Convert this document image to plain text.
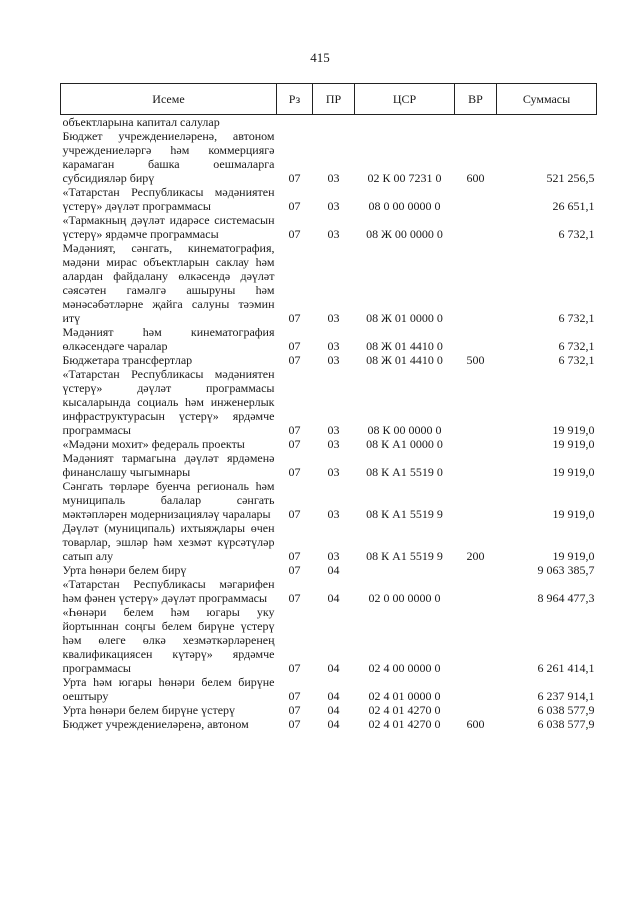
415
Исеме	Рз	ПР	ЦСР	ВР	Суммасы
объектларына капитал салулар					
Бюджет учреждениеләренә, автоном учреждениеләргә һәм коммерциягә карамаган башка оешмаларга субсидияләр бирү	07	03	02 К 00 7231 0	600	521 256,5
«Татарстан Республикасы мәдәниятен үстерү» дәүләт программасы	07	03	08 0 00 0000 0		26 651,1
«Тармакның дәүләт идарәсе системасын үстерү» ярдәмче программасы	07	03	08 Ж 00 0000 0		6 732,1
Мәдәният, сәнгать, кинематография, мәдәни мирас объектларын саклау һәм алардан файдалану өлкәсендә дәүләт сәясәтен гамәлгә ашыруны һәм мәнәсәбәтләрне җайга салуны тәэмин итү	07	03	08 Ж 01 0000 0		6 732,1
Мәдәният һәм кинематография өлкәсендәге чаралар	07	03	08 Ж 01 4410 0		6 732,1
Бюджетара трансфертлар	07	03	08 Ж 01 4410 0	500	6 732,1
«Татарстан Республикасы мәдәниятен үстерү» дәүләт программасы кысаларында социаль һәм инженерлык инфраструктурасын үстерү» ярдәмче программасы	07	03	08 К 00 0000 0		19 919,0
«Мәдәни мохит» федераль проекты	07	03	08 К А1 0000 0		19 919,0
Мәдәният тармагына дәүләт ярдәменә финанслашу чыгымнары	07	03	08 К А1 5519 0		19 919,0
Сәнгать төрләре буенча региональ һәм муниципаль балалар сәнгать мәктәпләрен модернизацияләү чаралары	07	03	08 К А1 5519 9		19 919,0
Дәүләт (муниципаль) ихтыяҗлары өчен товарлар, эшләр һәм хезмәт күрсәтүләр сатып алу	07	03	08 К А1 5519 9	200	19 919,0
Урта һөнәри белем бирү	07	04			9 063 385,7
«Татарстан Республикасы мәгарифен һәм фәнен үстерү» дәүләт программасы	07	04	02 0 00 0000 0		8 964 477,3
«Һөнәри белем һәм югары уку йортыннан соңгы белем бирүне үстерү һәм өлеге өлкә хезмәткәрләренең квалификациясен күтәрү» ярдәмче программасы	07	04	02 4 00 0000 0		6 261 414,1
Урта һәм югары һөнәри белем бирүне оештыру	07	04	02 4 01 0000 0		6 237 914,1
Урта һөнәри белем бирүне үстерү	07	04	02 4 01 4270 0		6 038 577,9
Бюджет учреждениеләренә, автоном	07	04	02 4 01 4270 0	600	6 038 577,9
